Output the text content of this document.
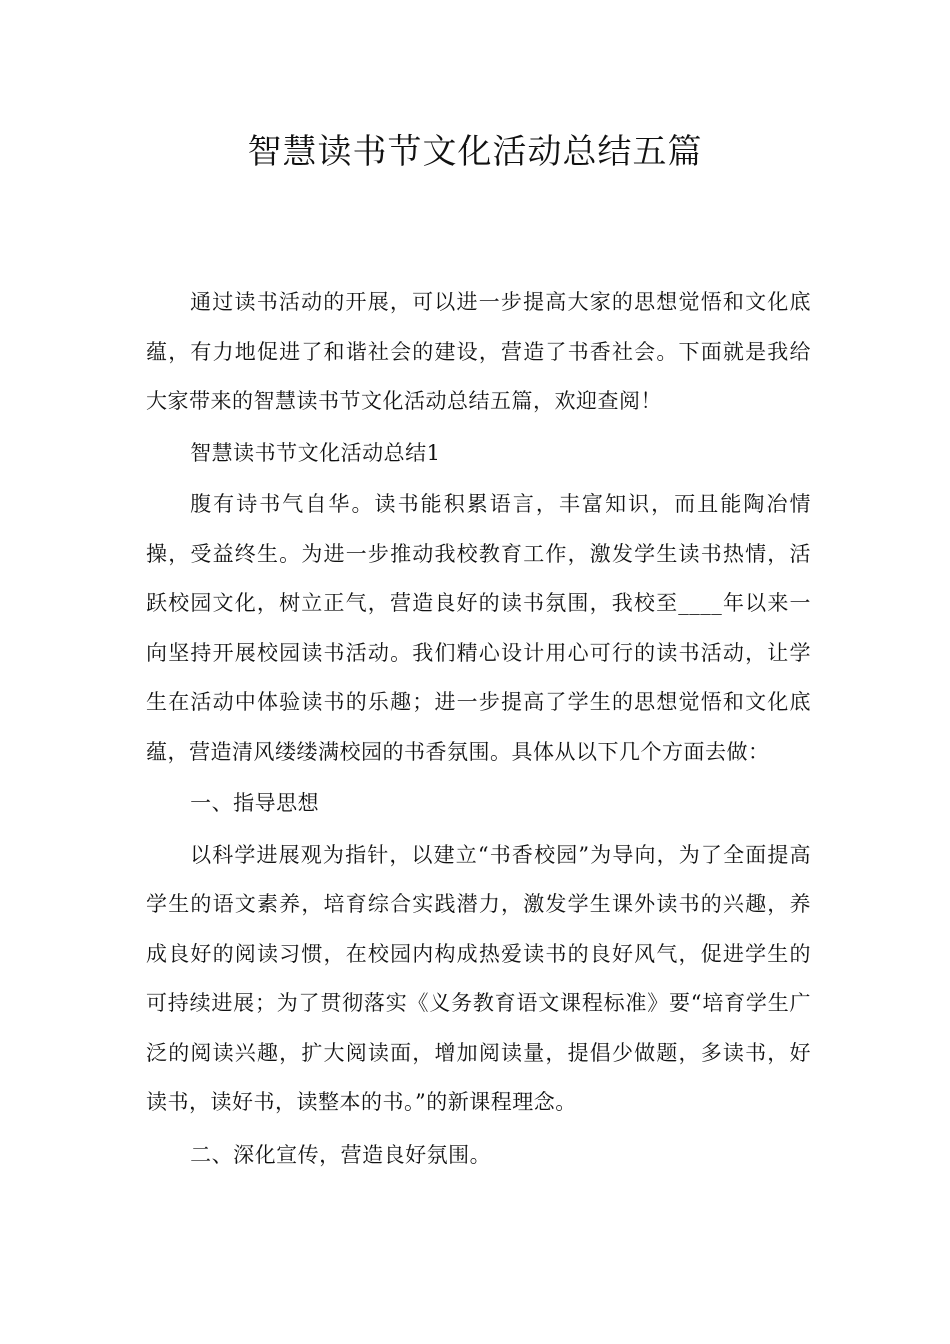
智慧读书节文化活动总结五篇

通过读书活动的开展，可以进一步提高大家的思想觉悟和文化底蕴，有力地促进了和谐社会的建设，营造了书香社会。下面就是我给大家带来的智慧读书节文化活动总结五篇，欢迎查阅！

智慧读书节文化活动总结1

腹有诗书气自华。读书能积累语言，丰富知识，而且能陶冶情操，受益终生。为进一步推动我校教育工作，激发学生读书热情，活跃校园文化，树立正气，营造良好的读书氛围，我校至____年以来一向坚持开展校园读书活动。我们精心设计用心可行的读书活动，让学生在活动中体验读书的乐趣；进一步提高了学生的思想觉悟和文化底蕴，营造清风缕缕满校园的书香氛围。具体从以下几个方面去做：

一、指导思想

以科学进展观为指针，以建立“书香校园”为导向，为了全面提高学生的语文素养，培育综合实践潜力，激发学生课外读书的兴趣，养成良好的阅读习惯，在校园内构成热爱读书的良好风气，促进学生的可持续进展；为了贯彻落实《义务教育语文课程标准》要“培育学生广泛的阅读兴趣，扩大阅读面，增加阅读量，提倡少做题，多读书，好读书，读好书，读整本的书。”的新课程理念。

二、深化宣传，营造良好氛围。
